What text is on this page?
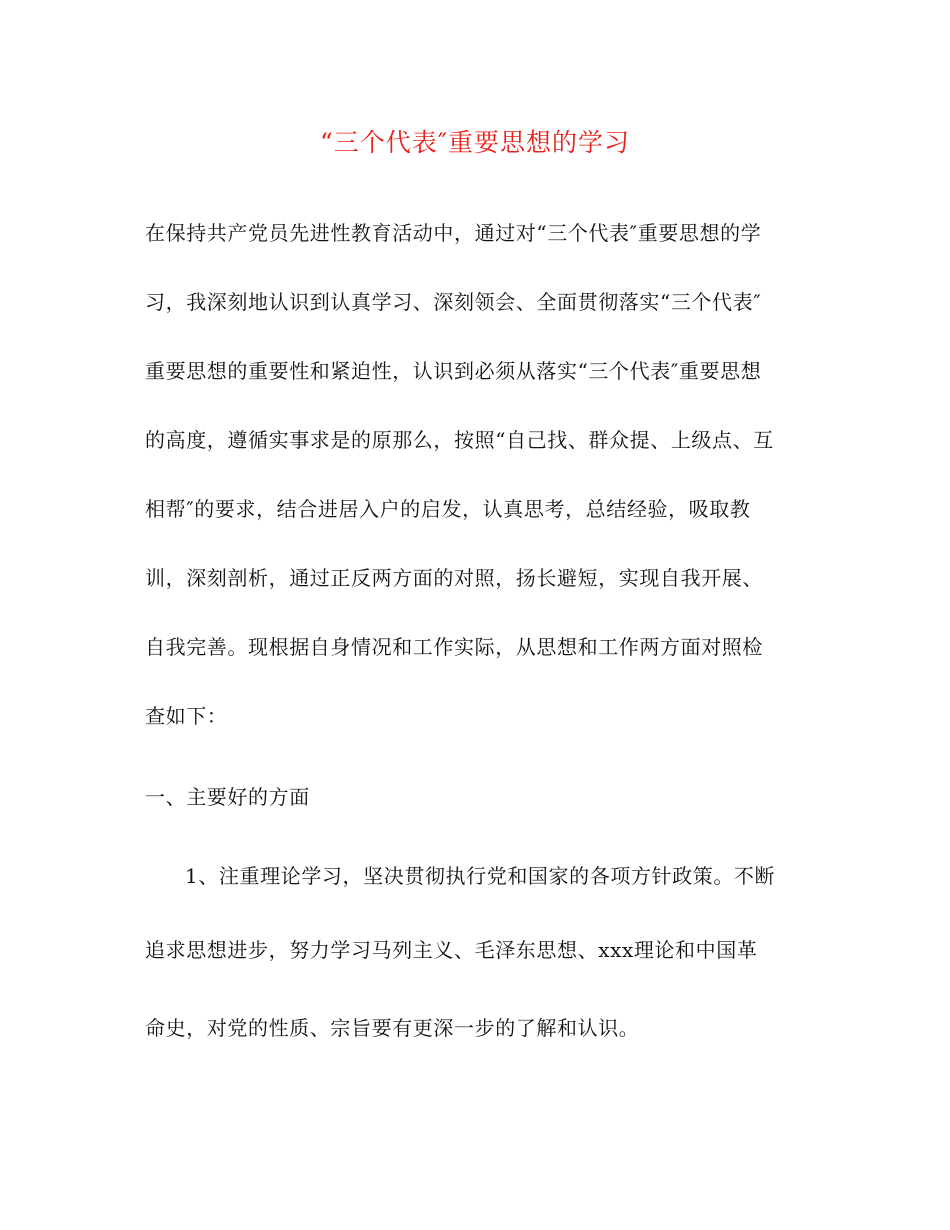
“三个代表″重要思想的学习
在保持共产党员先进性教育活动中，通过对“三个代表″重要思想的学
习，我深刻地认识到认真学习、深刻领会、全面贯彻落实“三个代表″
重要思想的重要性和紧迫性，认识到必须从落实“三个代表″重要思想
的高度，遵循实事求是的原那么，按照“自己找、群众提、上级点、互
相帮″的要求，结合进居入户的启发，认真思考，总结经验，吸取教
训，深刻剖析，通过正反两方面的对照，扬长避短，实现自我开展、
自我完善。现根据自身情况和工作实际，从思想和工作两方面对照检
查如下：
一、主要好的方面
1、注重理论学习，坚决贯彻执行党和国家的各项方针政策。不断
追求思想进步，努力学习马列主义、毛泽东思想、xxx理论和中国革
命史，对党的性质、宗旨要有更深一步的了解和认识。
